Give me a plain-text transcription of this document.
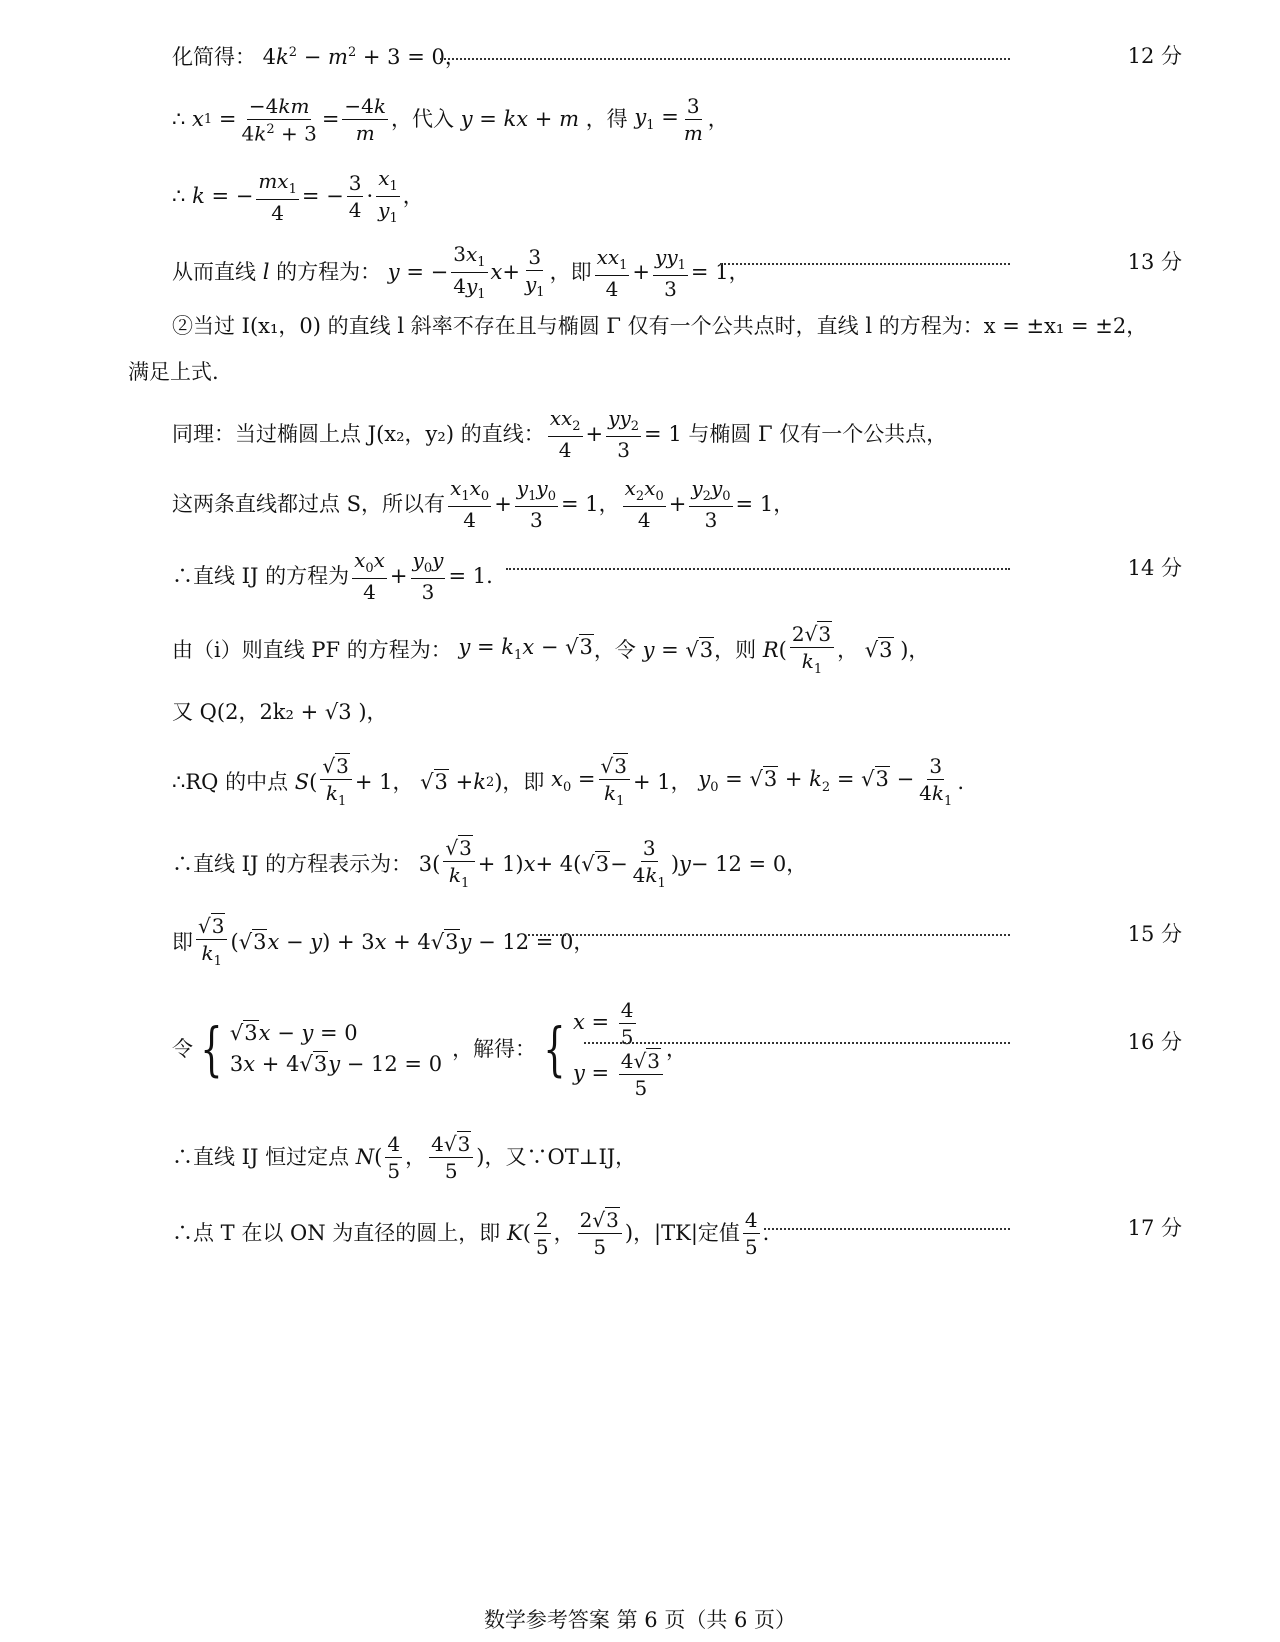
化简得： $4k^2 - m^2 + 3 = 0$ ，	12 分
∴ x $1 = \frac{-4km}{4k^2 + 3} = \frac{-4k}{m}$ ，代入 y = kx + m ，得 $y_1 = \frac{3}{m}$ ，
∴ k = − $\frac{mx_1}{4}$ = − $\frac{3}{4} \cdot \frac{x_1}{y_1}$ ，
从而直线
l
的方程为： y = − $\frac{3x_1}{4y_1}$ $x + \frac{3}{y_1}$ ，即 $\frac{xx_1}{4} + \frac{yy_1}{3} = 1$ ，	13 分
②当过 I(x₁，0) 的直线 l 斜率不存在且与椭圆 Γ 仅有一个公共点时，直线 l 的方程为：x = ±x₁ = ±2，
满足上式.
同理：当过椭圆上点 J(x₂，y₂) 的直线： $\frac{xx_2}{4} + \frac{yy_2}{3} = 1$ 与椭圆 Γ 仅有一个公共点，
这两条直线都过点 S，所以有 $\frac{x_1x_0}{4} + \frac{y_1y_0}{3} = 1$ ， $\frac{x_2x_0}{4} + \frac{y_2y_0}{3} = 1$ ，
∴直线 IJ 的方程为 $\frac{x_0x}{4} + \frac{y_0y}{3} = 1$ .	14 分
由（i）则直线 PF 的方程为： $y = k_1x - √3$ ，令 y = √3 ，则 $R( \frac{2√3}{k_1}$ ， √3 ) ，
又 Q(2，2k₂ + √3 )，
∴RQ 的中点 $S( \frac{√3}{k_1} + 1$， √3 + k 2 ) ，即 $x_0 = \frac{√3}{k_1} + 1$， $y_0 = √3 + k_2 = √3 - \frac{3}{4k_1}$ .
∴直线 IJ 的方程表示为： $3( \frac{√3}{k_1} + 1)$ x + 4( $√3 - \frac{3}{4k_1}$ ) y − 12 = 0 ，
即 $\frac{√3}{k_1} (√3x - y) + 3x + 4√3y - 12 = 0$ ，	15 分
令 { √3x − y = 0
3x + 4√3y − 12 = 0
，解得： { $x = \frac{4}{5}$
$y = \frac{4√3}{5}$
，	16 分
∴直线 IJ 恒过定点 $N( \frac{4}{5}$ ， $\frac{4√3}{5}$ ) ，又∵OT⊥IJ，
∴点 T 在以 ON 为直径的圆上，即 $K( \frac{2}{5}$ ， $\frac{2√3}{5}$ ) ，|TK|定值 $\frac{4}{5}$ .	17 分
数学参考答案 第 6 页（共 6 页）
